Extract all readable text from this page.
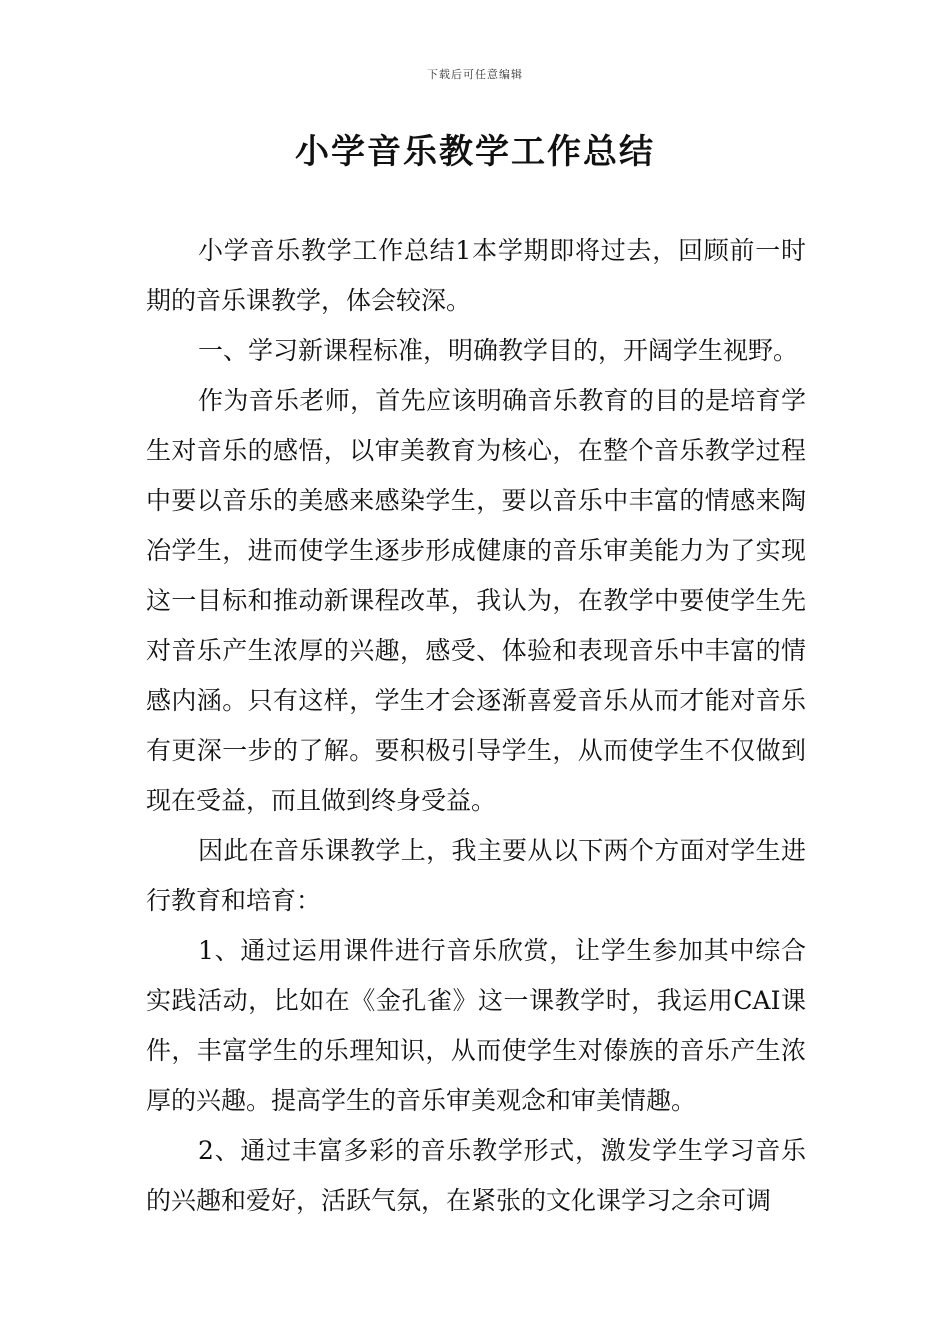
下载后可任意编辑
小学音乐教学工作总结

小学音乐教学工作总结1本学期即将过去，回顾前一时期的音乐课教学，体会较深。

一、学习新课程标准，明确教学目的，开阔学生视野。

作为音乐老师，首先应该明确音乐教育的目的是培育学生对音乐的感悟，以审美教育为核心，在整个音乐教学过程中要以音乐的美感来感染学生，要以音乐中丰富的情感来陶冶学生，进而使学生逐步形成健康的音乐审美能力为了实现这一目标和推动新课程改革，我认为，在教学中要使学生先对音乐产生浓厚的兴趣，感受、体验和表现音乐中丰富的情感内涵。只有这样，学生才会逐渐喜爱音乐从而才能对音乐有更深一步的了解。要积极引导学生，从而使学生不仅做到现在受益，而且做到终身受益。

因此在音乐课教学上，我主要从以下两个方面对学生进行教育和培育：

1、通过运用课件进行音乐欣赏，让学生参加其中综合实践活动，比如在《金孔雀》这一课教学时，我运用CAI课件，丰富学生的乐理知识，从而使学生对傣族的音乐产生浓厚的兴趣。提高学生的音乐审美观念和审美情趣。

2、通过丰富多彩的音乐教学形式，激发学生学习音乐的兴趣和爱好，活跃气氛，在紧张的文化课学习之余可调
